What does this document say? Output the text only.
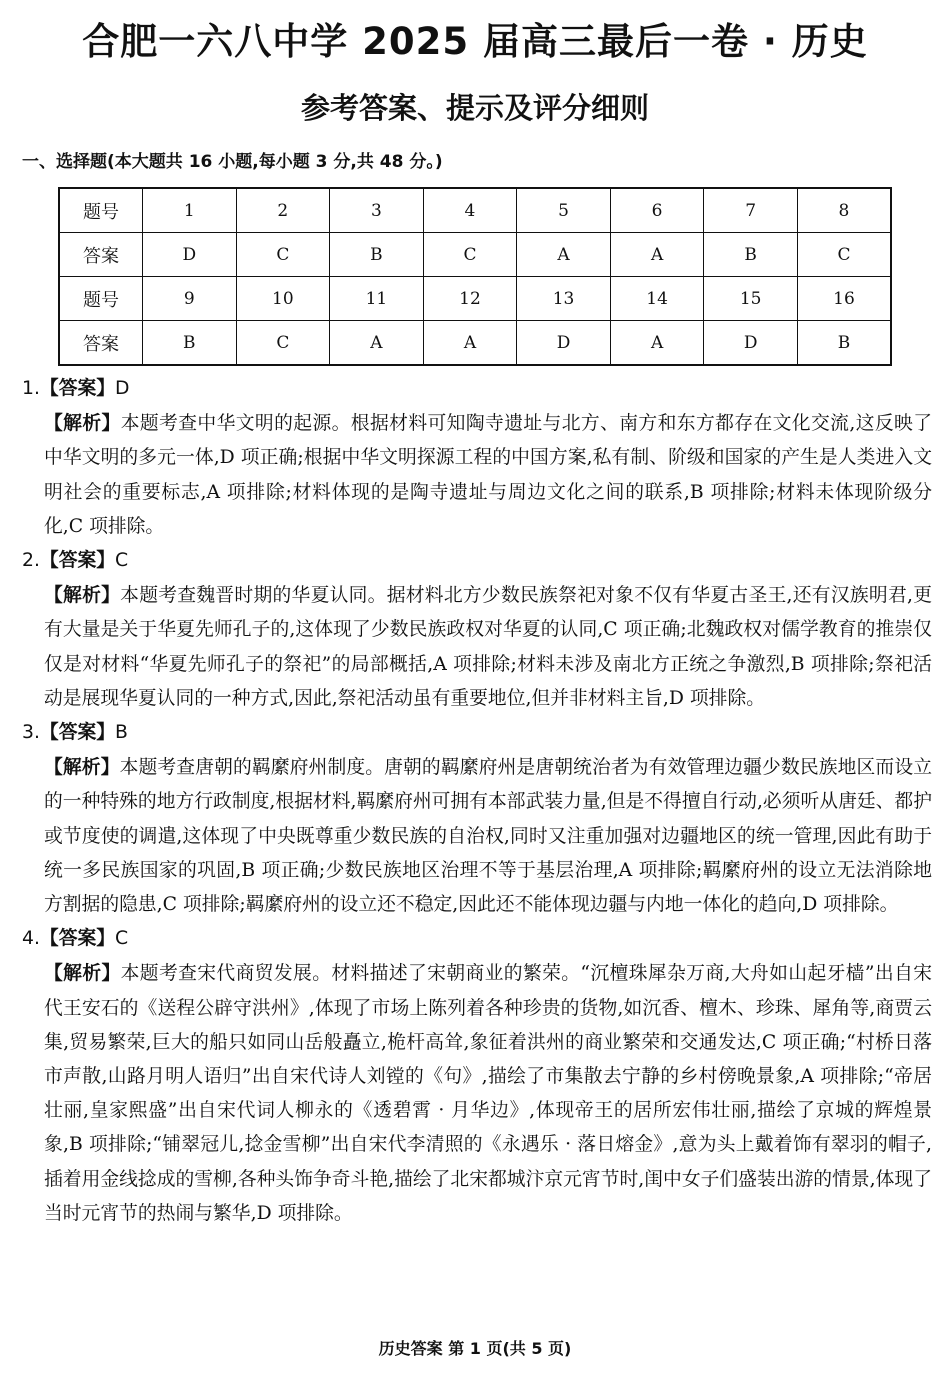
合肥一六八中学 2025 届高三最后一卷 · 历史
参考答案、提示及评分细则
一、选择题(本大题共 16 小题,每小题 3 分,共 48 分。)
题号	1	2	3	4	5	6	7	8
答案	D	C	B	C	A	A	B	C
题号	9	10	11	12	13	14	15	16
答案	B	C	A	A	D	A	D	B

1.【答案】D

【解析】本题考查中华文明的起源。根据材料可知陶寺遗址与北方、南方和东方都存在文化交流,这反映了中华文明的多元一体,D 项正确;根据中华文明探源工程的中国方案,私有制、阶级和国家的产生是人类进入文明社会的重要标志,A 项排除;材料体现的是陶寺遗址与周边文化之间的联系,B 项排除;材料未体现阶级分化,C 项排除。

2.【答案】C

【解析】本题考查魏晋时期的华夏认同。据材料北方少数民族祭祀对象不仅有华夏古圣王,还有汉族明君,更有大量是关于华夏先师孔子的,这体现了少数民族政权对华夏的认同,C 项正确;北魏政权对儒学教育的推崇仅仅是对材料“华夏先师孔子的祭祀”的局部概括,A 项排除;材料未涉及南北方正统之争激烈,B 项排除;祭祀活动是展现华夏认同的一种方式,因此,祭祀活动虽有重要地位,但并非材料主旨,D 项排除。

3.【答案】B

【解析】本题考查唐朝的羁縻府州制度。唐朝的羁縻府州是唐朝统治者为有效管理边疆少数民族地区而设立的一种特殊的地方行政制度,根据材料,羁縻府州可拥有本部武装力量,但是不得擅自行动,必须听从唐廷、都护或节度使的调遣,这体现了中央既尊重少数民族的自治权,同时又注重加强对边疆地区的统一管理,因此有助于统一多民族国家的巩固,B 项正确;少数民族地区治理不等于基层治理,A 项排除;羁縻府州的设立无法消除地方割据的隐患,C 项排除;羁縻府州的设立还不稳定,因此还不能体现边疆与内地一体化的趋向,D 项排除。

4.【答案】C

【解析】本题考查宋代商贸发展。材料描述了宋朝商业的繁荣。“沉檀珠犀杂万商,大舟如山起牙樯”出自宋代王安石的《送程公辟守洪州》,体现了市场上陈列着各种珍贵的货物,如沉香、檀木、珍珠、犀角等,商贾云集,贸易繁荣,巨大的船只如同山岳般矗立,桅杆高耸,象征着洪州的商业繁荣和交通发达,C 项正确;“村桥日落市声散,山路月明人语归”出自宋代诗人刘镗的《句》,描绘了市集散去宁静的乡村傍晚景象,A 项排除;“帝居壮丽,皇家熙盛”出自宋代词人柳永的《透碧霄 · 月华边》,体现帝王的居所宏伟壮丽,描绘了京城的辉煌景象,B 项排除;“铺翠冠儿,捻金雪柳”出自宋代李清照的《永遇乐 · 落日熔金》,意为头上戴着饰有翠羽的帽子,插着用金线捻成的雪柳,各种头饰争奇斗艳,描绘了北宋都城汴京元宵节时,闺中女子们盛装出游的情景,体现了当时元宵节的热闹与繁华,D 项排除。

历史答案 第 1 页(共 5 页)
